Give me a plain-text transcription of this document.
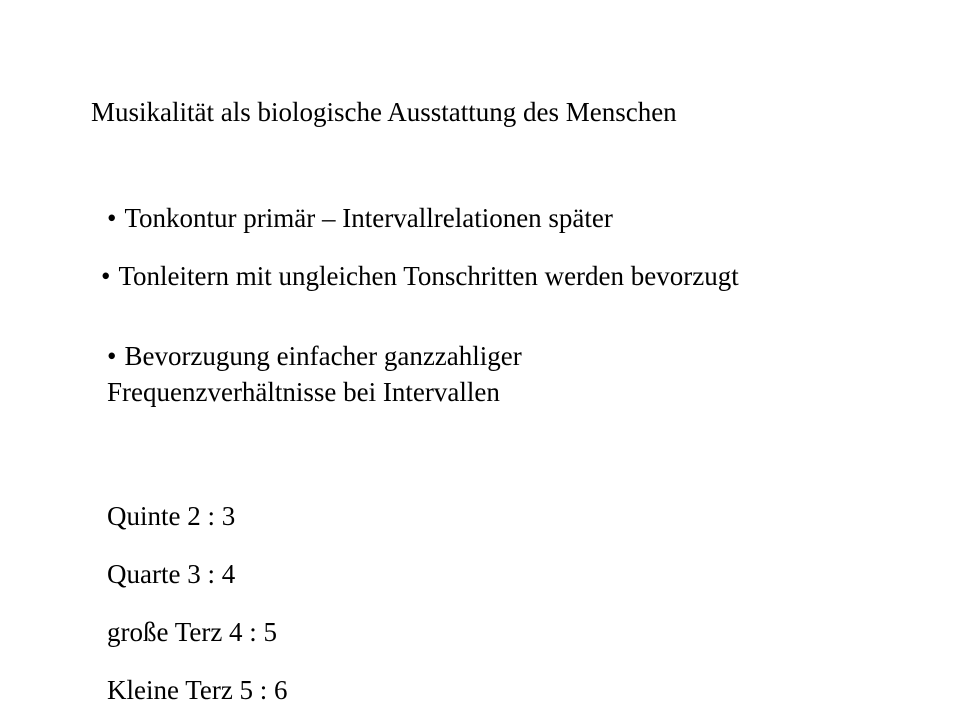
Musikalität als biologische Ausstattung des Menschen
• Tonkontur primär – Intervallrelationen später
• Tonleitern mit ungleichen Tonschritten werden bevorzugt
• Bevorzugung einfacher ganzzahliger
Frequenzverhältnisse bei Intervallen
Quinte 2 : 3
Quarte 3 : 4
große Terz 4 : 5
Kleine Terz 5 : 6
